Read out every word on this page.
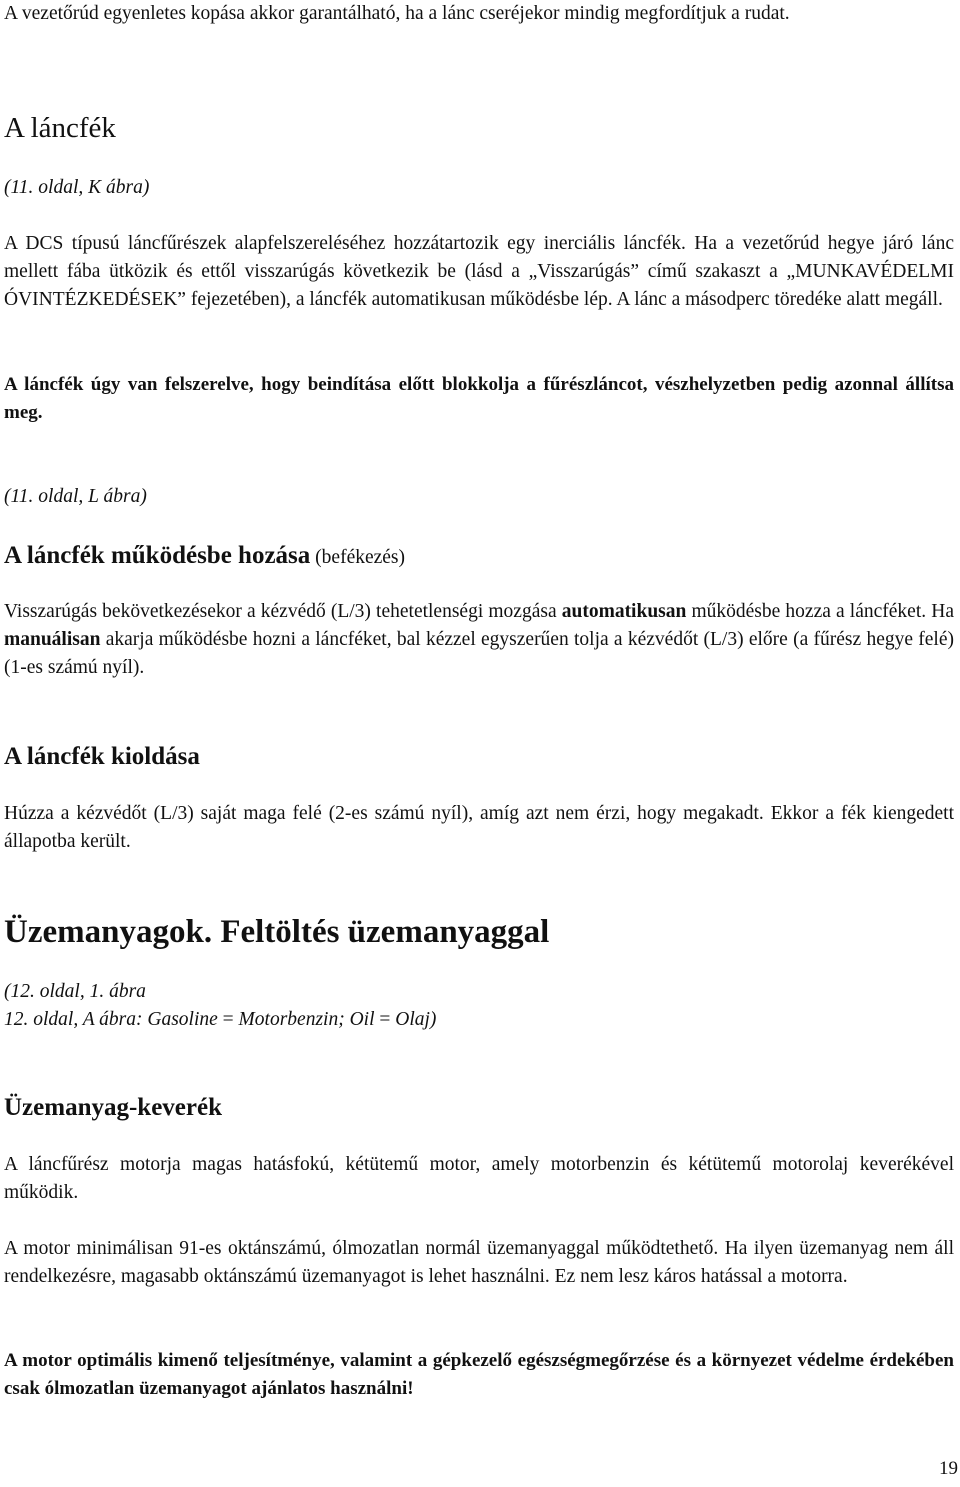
A vezetőrúd egyenletes kopása akkor garantálható, ha a lánc cseréjekor mindig megfordítjuk a rudat.

A láncfék

(11. oldal, K ábra)

A DCS típusú láncfűrészek alapfelszereléséhez hozzátartozik egy inerciális láncfék. Ha a vezetőrúd hegye járó lánc mellett fába ütközik és ettől visszarúgás következik be (lásd a „Visszarúgás” című szakaszt a „MUNKAVÉDELMI ÓVINTÉZKEDÉSEK” fejezetében), a láncfék automatikusan működésbe lép. A lánc a másodperc töredéke alatt megáll.

A láncfék úgy van felszerelve, hogy beindítása előtt blokkolja a fűrészláncot, vészhelyzetben pedig azonnal állítsa meg.

(11. oldal, L ábra)

A láncfék működésbe hozása (befékezés)

Visszarúgás bekövetkezésekor a kézvédő (L/3) tehetetlenségi mozgása automatikusan működésbe hozza a láncféket. Ha manuálisan akarja működésbe hozni a láncféket, bal kézzel egyszerűen tolja a kézvédőt (L/3) előre (a fűrész hegye felé) (1-es számú nyíl).

A láncfék kioldása

Húzza a kézvédőt (L/3) saját maga felé (2-es számú nyíl), amíg azt nem érzi, hogy megakadt. Ekkor a fék kiengedett állapotba került.

Üzemanyagok. Feltöltés üzemanyaggal

(12. oldal, 1. ábra

12. oldal, A ábra: Gasoline = Motorbenzin; Oil = Olaj)

Üzemanyag-keverék

A láncfűrész motorja magas hatásfokú, kétütemű motor, amely motorbenzin és kétütemű motorolaj keverékével működik.

A motor minimálisan 91-es oktánszámú, ólmozatlan normál üzemanyaggal működtethető. Ha ilyen üzemanyag nem áll rendelkezésre, magasabb oktánszámú üzemanyagot is lehet használni. Ez nem lesz káros hatással a motorra.

A motor optimális kimenő teljesítménye, valamint a gépkezelő egészségmegőrzése és a környezet védelme érdekében csak ólmozatlan üzemanyagot ajánlatos használni!

19
